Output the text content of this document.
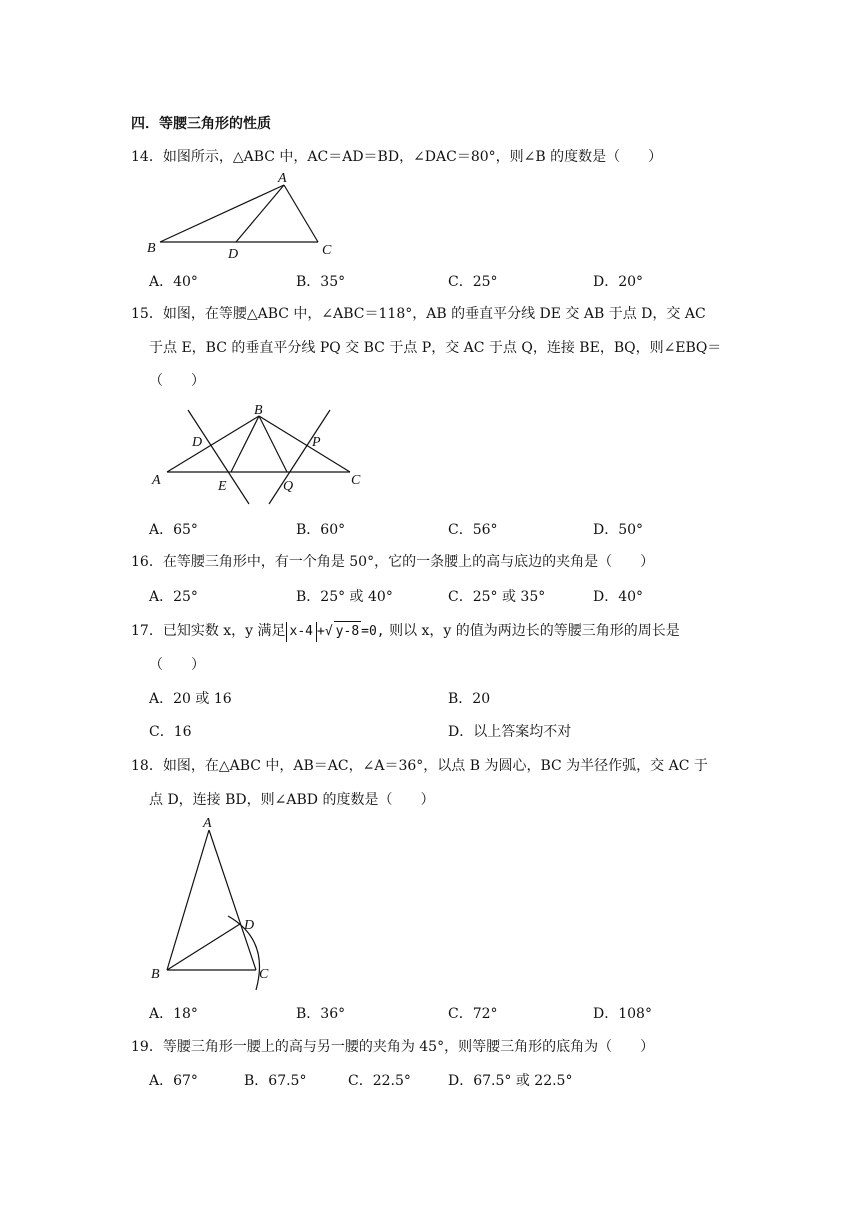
四．等腰三角形的性质
14．如图所示，△ABC 中，AC＝AD＝BD，∠DAC＝80°，则∠B 的度数是（　　）
A
B	C
D
A．40°	B．35°	C．25°	D．20°
15．如图，在等腰△ABC 中，∠ABC＝118°，AB 的垂直平分线 DE 交 AB 于点 D，交 AC
于点 E，BC 的垂直平分线 PQ 交 BC 于点 P，交 AC 于点 Q，连接 BE，BQ，则∠EBQ＝
（　　）
B
D	P
A	C
E	Q
A．65°	B．60°	C．56°	D．50°
16．在等腰三角形中，有一个角是 50°，它的一条腰上的高与底边的夹角是（　　）
A．25°	B．25° 或 40°	C．25° 或 35°	D．40°
17．已知实数 x，y 满足 x-4 +√ y-8 =0, 则以 x，y 的值为两边长的等腰三角形的周长是
（　　）
A．20 或 16	B．20
C．16	D．以上答案均不对
18．如图，在△ABC 中，AB＝AC，∠A＝36°，以点 B 为圆心，BC 为半径作弧，交 AC 于
点 D，连接 BD，则∠ABD 的度数是（　　）
A
D
B	C
A．18°	B．36°	C．72°	D．108°
19．等腰三角形一腰上的高与另一腰的夹角为 45°，则等腰三角形的底角为（　　）
A．67°	B．67.5°	C．22.5°	D．67.5° 或 22.5°
